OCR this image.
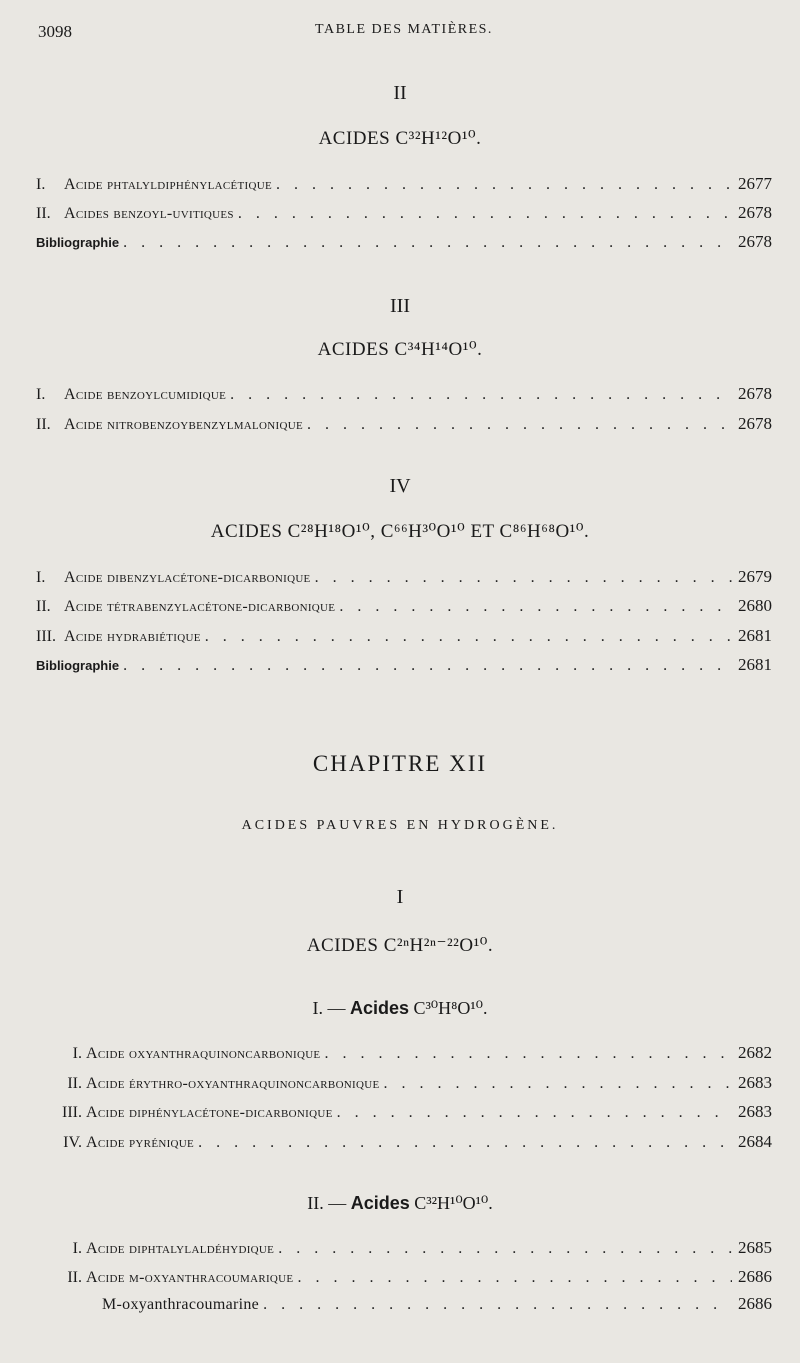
3098	TABLE DES MATIÈRES.
II
ACIDES C³²H¹²O¹⁰.
I. Acide phtalyldiphénylacétique . . .	2677
II. Acides benzoyl-uvitiques . . .	2678
Bibliographie . . .	2678
III
ACIDES C³⁴H¹⁴O¹⁰.
I. Acide benzoylcumidique . . .	2678
II. Acide nitrobenzoybenzylmalonique . . .	2678
IV
ACIDES C²⁸H¹⁸O¹⁰, C⁶⁶H³⁰O¹⁰ ET C⁸⁶H⁶⁸O¹⁰.
I. Acide dibenzylacétone-dicarbonique . . .	2679
II. Acide tétrabenzylacétone-dicarbonique . . .	2680
III. Acide hydrabiétique . . .	2681
Bibliographie . . .	2681
CHAPITRE XII
ACIDES PAUVRES EN HYDROGÈNE.
I
ACIDES C²ⁿH²ⁿ⁻²²O¹⁰.
I. — Acides C³⁰H⁸O¹⁰.
I. Acide oxyanthraquinoncarbonique . . .	2682
II. Acide érythro-oxyanthraquinoncarbonique . . .	2683
III. Acide diphénylacétone-dicarbonique . . .	2683
IV. Acide pyrénique . . .	2684
II. — Acides C³²H¹⁰O¹⁰.
I. Acide diphtalylaldéhydique . . .	2685
II. Acide m-oxyanthracoumarique . . .	2686
M-oxyanthracoumarine . . .	2686
